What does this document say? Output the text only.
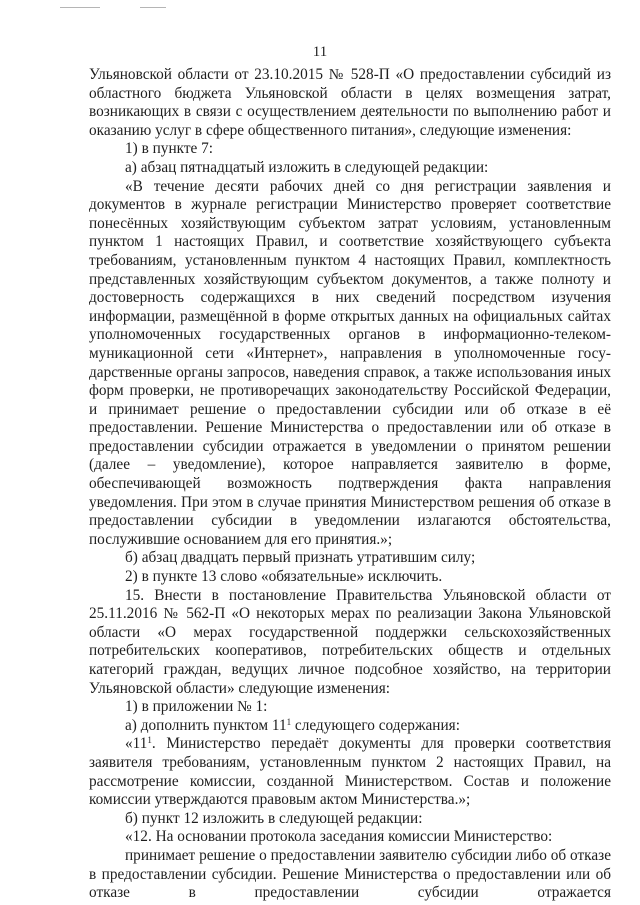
11

Ульяновской области от 23.10.2015 № 528-П «О предоставлении субсидий из областного бюджета Ульяновской области в целях возмещения затрат, возникающих в связи с осуществлением деятельности по выполнению работ и оказанию услуг в сфере общественного питания», следующие изменения:

1) в пункте 7:

а) абзац пятнадцатый изложить в следующей редакции:

«В течение десяти рабочих дней со дня регистрации заявления и документов в журнале регистрации Министерство проверяет соответствие понесённых хозяйствующим субъектом затрат условиям, установленным пунктом 1 настоящих Правил, и соответствие хозяйствующего субъекта требованиям, установленным пунктом 4 настоящих Правил, комплектность представленных хозяйствующим субъектом документов, а также полноту и достоверность содержащихся в них сведений посредством изучения информации, размещённой в форме открытых данных на официальных сайтах уполномоченных государственных органов в информационно-телеком-муникационной сети «Интернет», направления в уполномоченные госу-дарственные органы запросов, наведения справок, а также использования иных форм проверки, не противоречащих законодательству Российской Федерации, и принимает решение о предоставлении субсидии или об отказе в её предоставлении. Решение Министерства о предоставлении или об отказе в предоставлении субсидии отражается в уведомлении о принятом решении (далее – уведомление), которое направляется заявителю в форме, обеспечивающей возможность подтверждения факта направления уведомления. При этом в случае принятия Министерством решения об отказе в предоставлении субсидии в уведомлении излагаются обстоятельства, послужившие основанием для его принятия.»;

б) абзац двадцать первый признать утратившим силу;

2) в пункте 13 слово «обязательные» исключить.

15. Внести в постановление Правительства Ульяновской области от 25.11.2016 № 562-П «О некоторых мерах по реализации Закона Ульяновской области «О мерах государственной поддержки сельскохозяйственных потребительских кооперативов, потребительских обществ и отдельных категорий граждан, ведущих личное подсобное хозяйство, на территории Ульяновской области» следующие изменения:

1) в приложении № 1:

а) дополнить пунктом $11^1$ следующего содержания:

«$11^1$. Министерство передаёт документы для проверки соответствия заявителя требованиям, установленным пунктом 2 настоящих Правил, на рассмотрение комиссии, созданной Министерством. Состав и положение комиссии утверждаются правовым актом Министерства.»;

б) пункт 12 изложить в следующей редакции:

«12. На основании протокола заседания комиссии Министерство:

принимает решение о предоставлении заявителю субсидии либо об отказе в предоставлении субсидии. Решение Министерства о предоставлении или об отказе в предоставлении субсидии отражается
